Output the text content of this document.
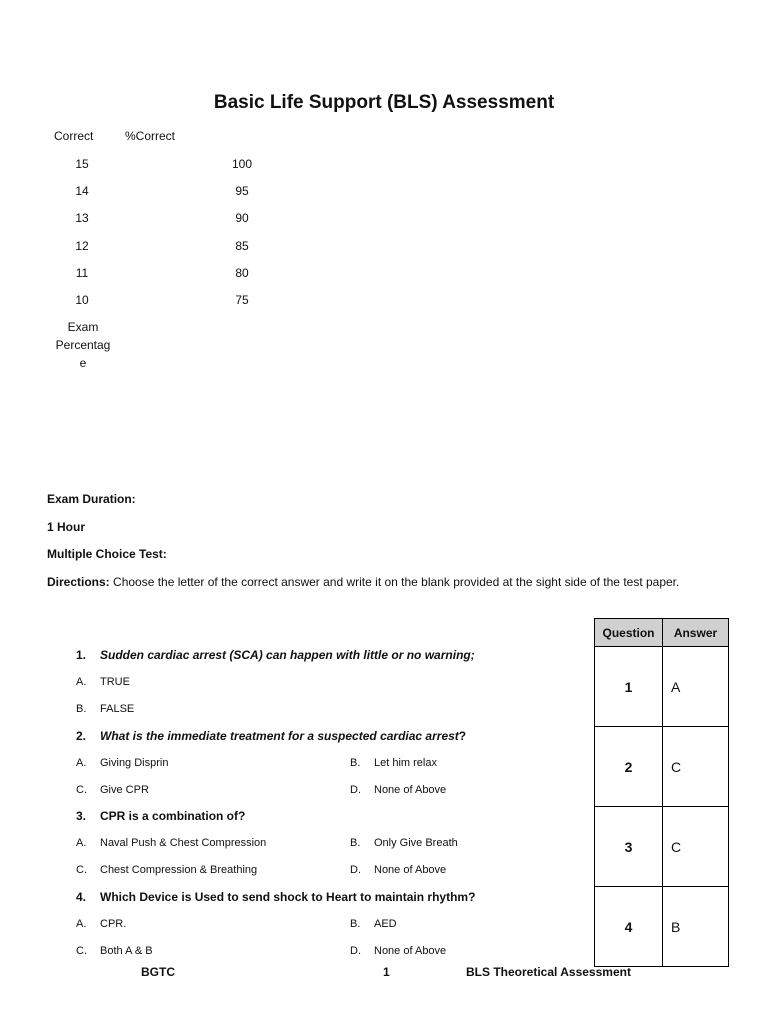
Basic Life Support (BLS) Assessment
Correct	%Correct
15	100
14	95
13	90
12	85
11	80
10	75
Exam
Percentag
e
Exam Duration:
1 Hour
Multiple Choice Test:
Directions: Choose the letter of the correct answer and write it on the blank provided at the sight side of the test paper.
1. Sudden cardiac arrest (SCA) can happen with little or no warning;
A. TRUE
B. FALSE
2. What is the immediate treatment for a suspected cardiac arrest?
A. Giving Disprin	B. Let him relax
C. Give CPR	D. None of Above
3. CPR is a combination of?
A. Naval Push & Chest Compression	B. Only Give Breath
C. Chest Compression & Breathing	D. None of Above
4. Which Device is Used to send shock to Heart to maintain rhythm?
A. CPR.	B. AED
C. Both A & B	D. None of Above
Question	Answer
1	A
2	C
3	C
4	B
BGTC	1	BLS Theoretical Assessment
